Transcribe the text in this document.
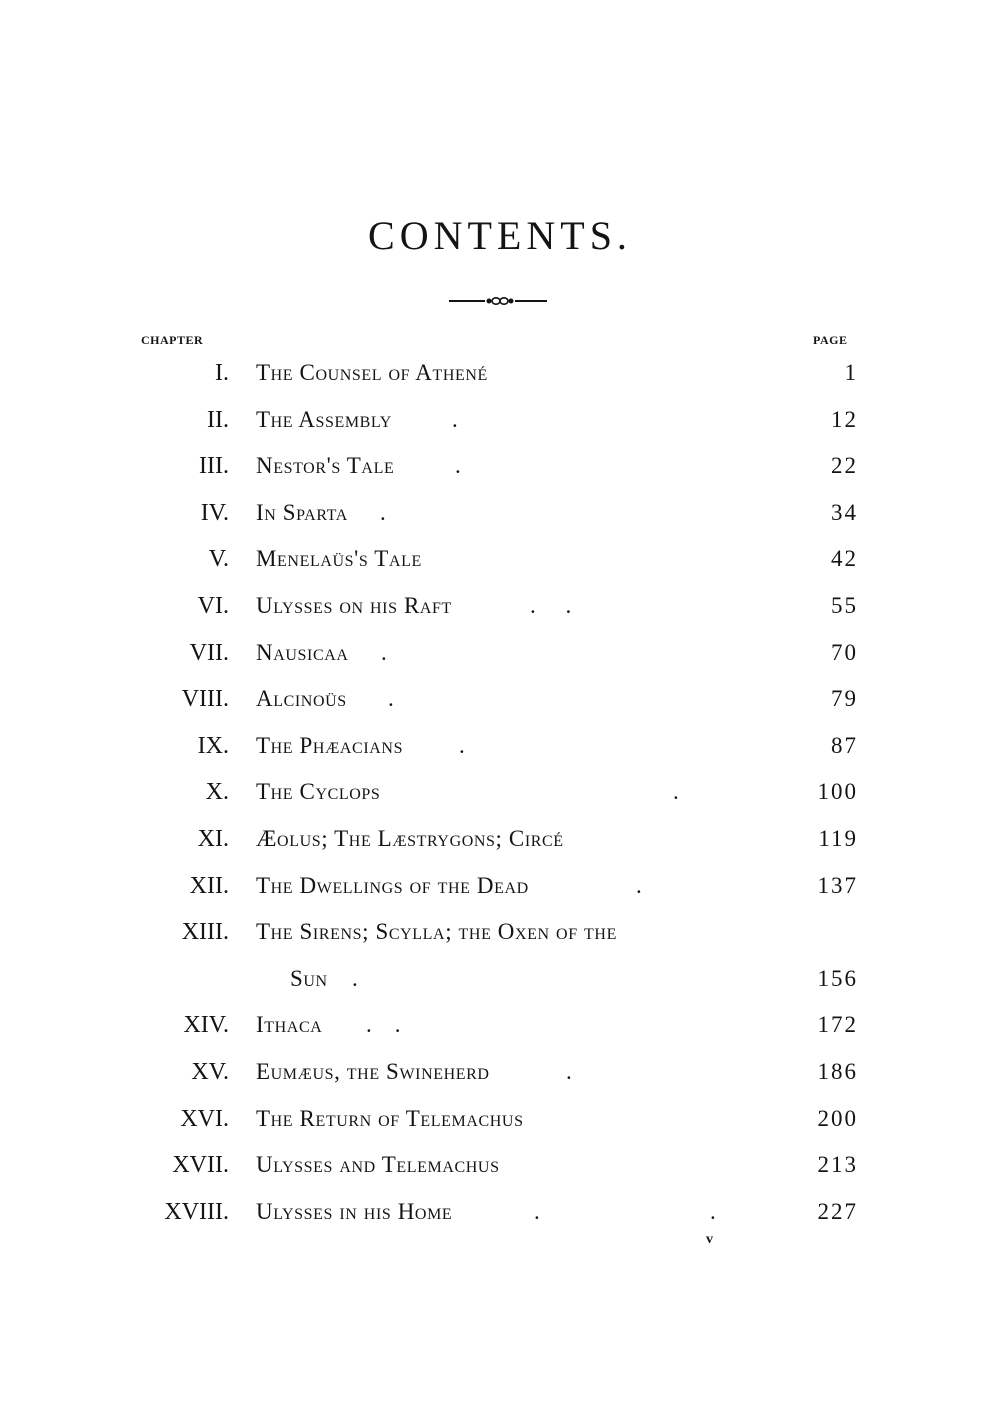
CONTENTS.
CHAPTER	PAGE
I. The Counsel of Athené	1
II. The Assembly	.	12
III. Nestor's Tale	.	22
IV. In Sparta .	34
V. Menelaüs's Tale	42
VI. Ulysses on his Raft	. .	55
VII. Nausicaa .	70
VIII. Alcinoüs .	79
IX. The Phæacians .	87
X. The Cyclops	.	100
XI. Æolus; The Læstrygons; Circé	119
XII. The Dwellings of the Dead	.	137
XIII. The Sirens; Scylla; the Oxen of the
Sun .	156
XIV. Ithaca .    .	172
XV. Eumæus, the Swineherd	.	186
XVI. The Return of Telemachus	200
XVII. Ulysses and Telemachus	213
XVIII. Ulysses in his Home	.	.	227
v
